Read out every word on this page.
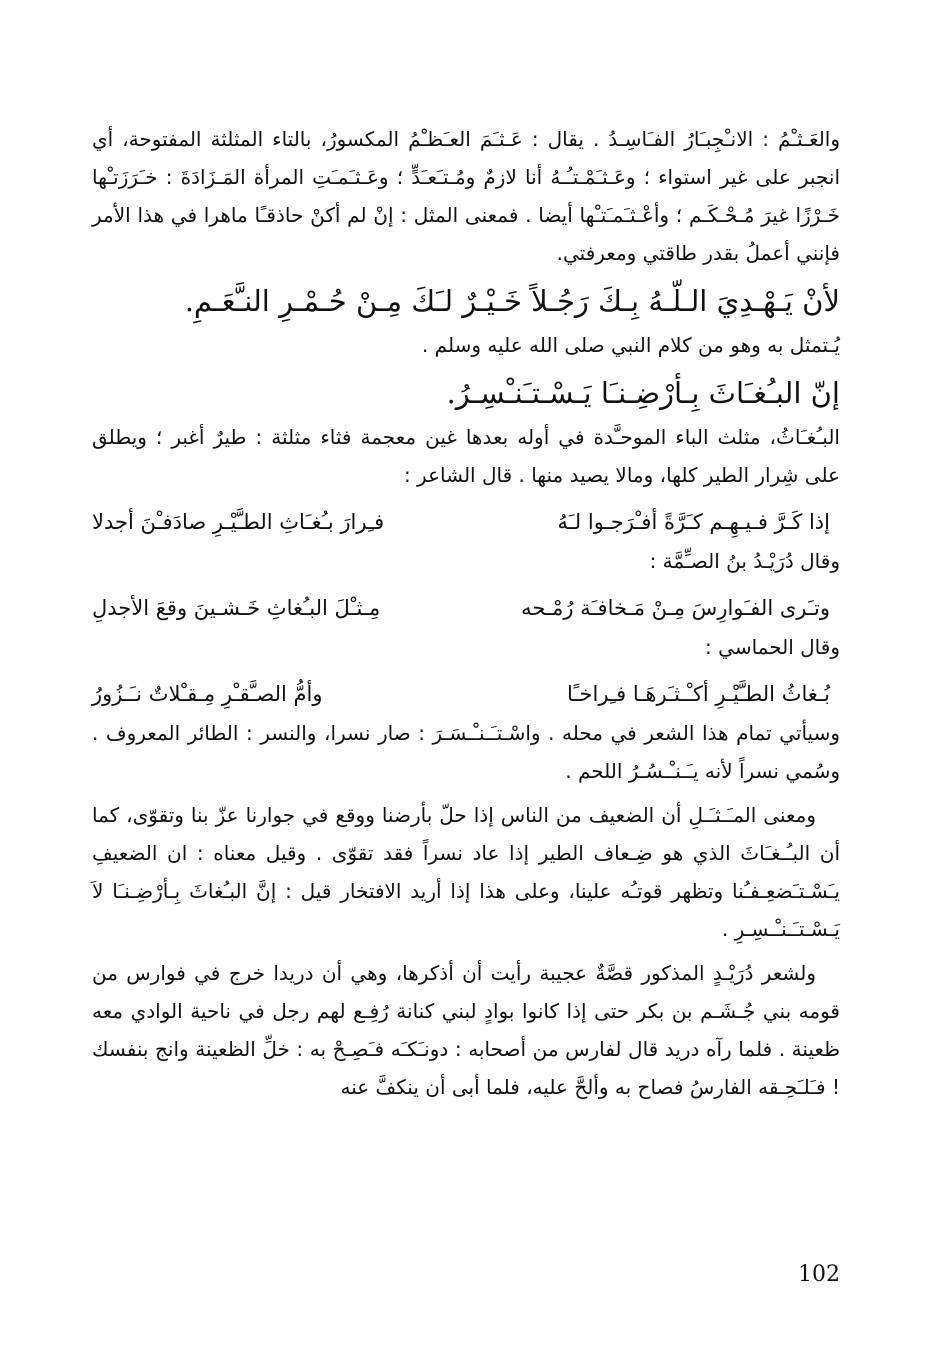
والعَـثـْمُ : الانـْجِبـَارُ الفـَاسِـدُ . يقال : عَـثـَمَ العـَظـْمُ المكسورُ، بالتاء المثلثة المفتوحة، أي انجبر على غير استواء ؛ وعَـثـَمْـتـُـهُ أنا لازمٌ ومُـتـَعـَدٍّ ؛ وعَـثـَمـَتِ المرأة المَـزَادَةَ : خـَرَزَتـْها خَـرْزًا غيرَ مُـحْـكَـم ؛ وأعْـثـَمـَتـْها أيضا . فمعنى المثل : إنْ لم أكنْ حاذقـًا ماهرا في هذا الأمر فإنني أعملُ بقدر طاقتي ومعرفتي.

لأنْ يَـهْـدِيَ الـلّـهُ بِـكَ رَجُـلاً خَـيْـرٌ لـَكَ مِـنْ حُـمْـرِ النـَّعَـمِ.

يُـتمثل به وهو من كلام النبي صلى الله عليه وسلم .

إنّ البـُغـَاثَ بِـأرْضِـنـَا يَـسْـتـَنـْسِـرُ.

البـُغـَاثُ، مثلث الباء الموحـَّدة في أوله بعدها غين معجمة فثاء مثلثة : طيرٌ أغبر ؛ ويطلق على شِرار الطير كلها، ومالا يصيد منها . قال الشاعر :

إذا كَـرَّ فـيـهِـم كـَرَّةً أفـْرَجـوا لـَهُ
فـِرارَ بـُغـَاثِ الطـَّيْـرِ صادَفـْنَ أجدلا

وقال دُرَيْـدُ بنُ الصـِّمَّة :

وتـَرى الفـَوارِسَ مِـنْ مَـخافـَة رُمْـحه
مِـثـْلَ البـُغاثِ خَـشـينَ وقعَ الأجدلِ

وقال الحماسي :

بُـغاثُ الطـَّيْـرِ أكـْـثـَرهَـا فـِراخـًا
وأمُّ الصـَّقـْرِ مِـقـْلاتٌ نـَـزُورُ

وسيأتي تمام هذا الشعر في محله . واسْـتـَـنـْـسَـرَ : صار نسرا، والنسر : الطائر المعروف . وسُمي نسراً لأنه يـَـنـْـسُـرُ اللحم .

ومعنى المـَـثـَـلِ أن الضعيف من الناس إذا حلّ بأرضنا ووقع في جوارنا عزّ بنا وتقوّى، كما أن البـُـغـَاثَ الذي هو ضِـعاف الطير إذا عاد نسراً فقد تقوّى . وقيل معناه : ان الضعيفِ يـَسْـتـَضعِـفـُنا وتظهر قوتـُه علينا، وعلى هذا إذا أريد الافتخار قيل : إنَّ البـُغاثَ بِـأرْضِـنـَا لاَ يَـسْـتـَـنـْـسِـرِ .

ولشعر دُرَيْـدٍ المذكور قصَّةٌ عجيبة رأيت أن أذكرها، وهي أن دريدا خرج في فوارس من قومه بني جُـشَـم بن بكر حتى إذا كانوا بوادٍ لبني كنانة رُفِـع لهم رجل في ناحية الوادي معه ظعينة . فلما رآه دريد قال لفارس من أصحابه : دونـَكـَه فـَصِـحْ به : خلِّ الظعينة وانج بنفسك ! فـَلـَحِـقه الفارسُ فصاح به وألحَّ عليه، فلما أبى أن ينكفَّ عنه

102
